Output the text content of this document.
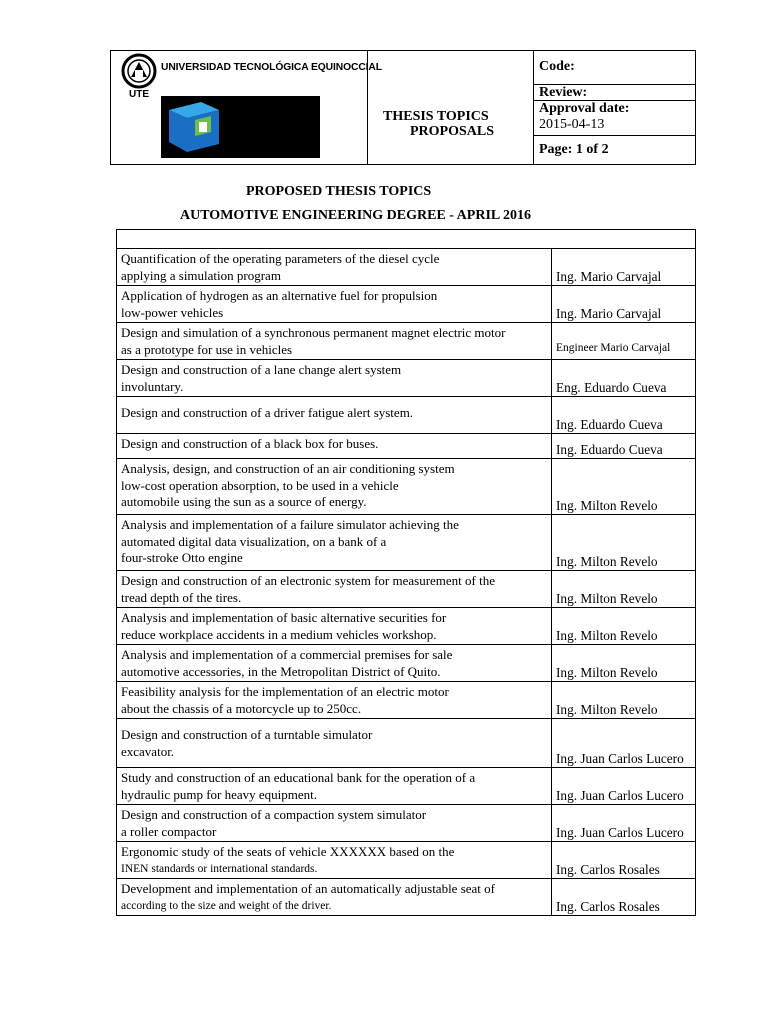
UTE
UNIVERSIDAD TECNOLÓGICA EQUINOCCIAL
THESIS TOPICS
PROPOSALS
Code:
Review:
Approval date:
2015-04-13
Page: 1 of 2
PROPOSED THESIS TOPICS
AUTOMOTIVE ENGINEERING DEGREE - APRIL 2016

Quantification of the operating parameters of the diesel cycle
applying a simulation program	Ing. Mario Carvajal

Application of hydrogen as an alternative fuel for propulsion
low-power vehicles	Ing. Mario Carvajal

Design and simulation of a synchronous permanent magnet electric motor
as a prototype for use in vehicles	Engineer Mario Carvajal

Design and construction of a lane change alert system
involuntary.	Eng. Eduardo Cueva

Design and construction of a driver fatigue alert system.	Ing. Eduardo Cueva

Design and construction of a black box for buses.	Ing. Eduardo Cueva

Analysis, design, and construction of an air conditioning system
low-cost operation absorption, to be used in a vehicle
automobile using the sun as a source of energy.	Ing. Milton Revelo

Analysis and implementation of a failure simulator achieving the
automated digital data visualization, on a bank of a
four-stroke Otto engine	Ing. Milton Revelo

Design and construction of an electronic system for measurement of the
tread depth of the tires.	Ing. Milton Revelo

Analysis and implementation of basic alternative securities for
reduce workplace accidents in a medium vehicles workshop.	Ing. Milton Revelo

Analysis and implementation of a commercial premises for sale
automotive accessories, in the Metropolitan District of Quito.	Ing. Milton Revelo

Feasibility analysis for the implementation of an electric motor
about the chassis of a motorcycle up to 250cc.	Ing. Milton Revelo

Design and construction of a turntable simulator
excavator.	Ing. Juan Carlos Lucero

Study and construction of an educational bank for the operation of a
hydraulic pump for heavy equipment.	Ing. Juan Carlos Lucero

Design and construction of a compaction system simulator
a roller compactor	Ing. Juan Carlos Lucero

Ergonomic study of the seats of vehicle XXXXXX based on the
INEN standards or international standards.	Ing. Carlos Rosales

Development and implementation of an automatically adjustable seat of
according to the size and weight of the driver.	Ing. Carlos Rosales
